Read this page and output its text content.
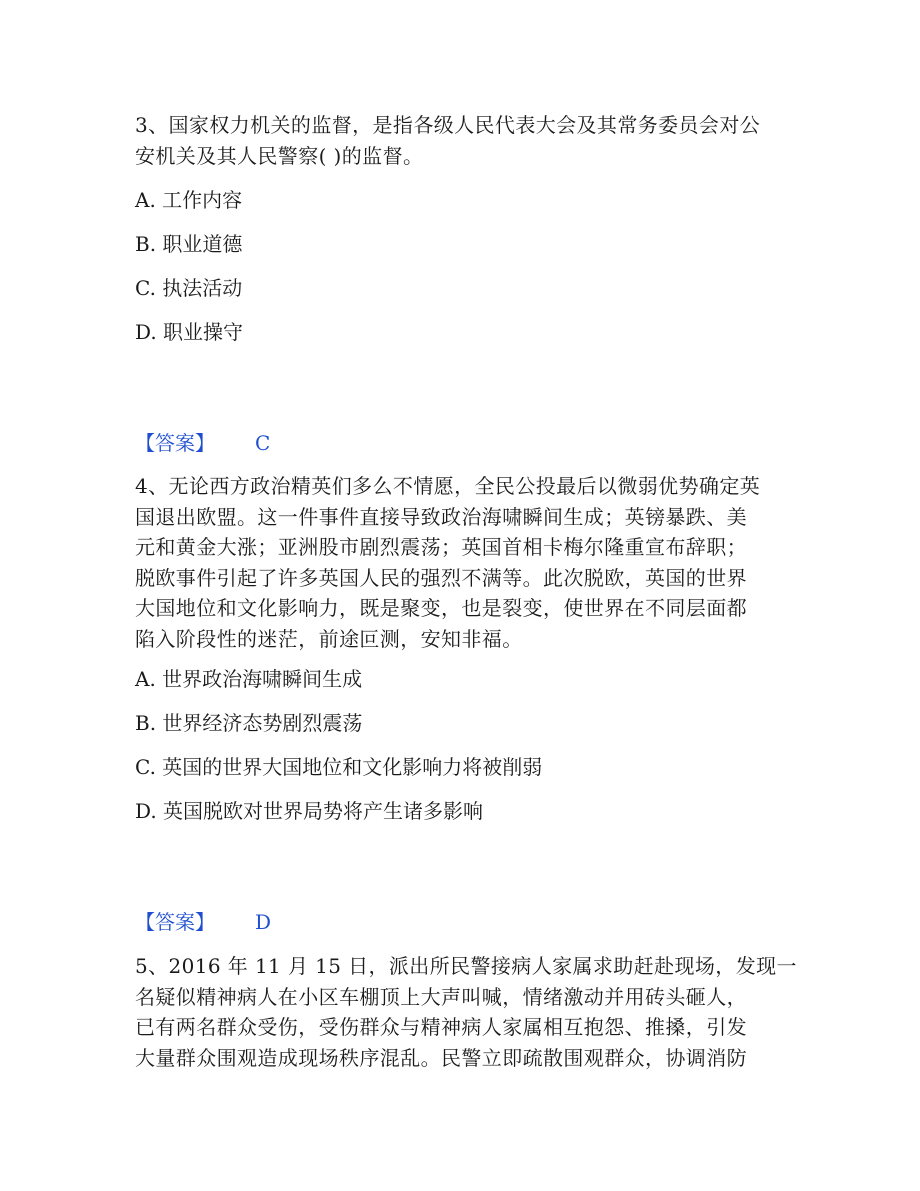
3、国家权力机关的监督，是指各级人民代表大会及其常务委员会对公
安机关及其人民警察( )的监督。

A. 工作内容

B. 职业道德

C. 执法活动

D. 职业操守

【答案】 C

4、无论西方政治精英们多么不情愿，全民公投最后以微弱优势确定英
国退出欧盟。这一件事件直接导致政治海啸瞬间生成；英镑暴跌、美
元和黄金大涨；亚洲股市剧烈震荡；英国首相卡梅尔隆重宣布辞职；
脱欧事件引起了许多英国人民的强烈不满等。此次脱欧，英国的世界
大国地位和文化影响力，既是聚变，也是裂变，使世界在不同层面都
陷入阶段性的迷茫，前途叵测，安知非福。

A. 世界政治海啸瞬间生成

B. 世界经济态势剧烈震荡

C. 英国的世界大国地位和文化影响力将被削弱

D. 英国脱欧对世界局势将产生诸多影响

【答案】 D

5、2016 年 11 月 15 日，派出所民警接病人家属求助赶赴现场，发现一
名疑似精神病人在小区车棚顶上大声叫喊，情绪激动并用砖头砸人，
已有两名群众受伤，受伤群众与精神病人家属相互抱怨、推搡，引发
大量群众围观造成现场秩序混乱。民警立即疏散围观群众，协调消防
